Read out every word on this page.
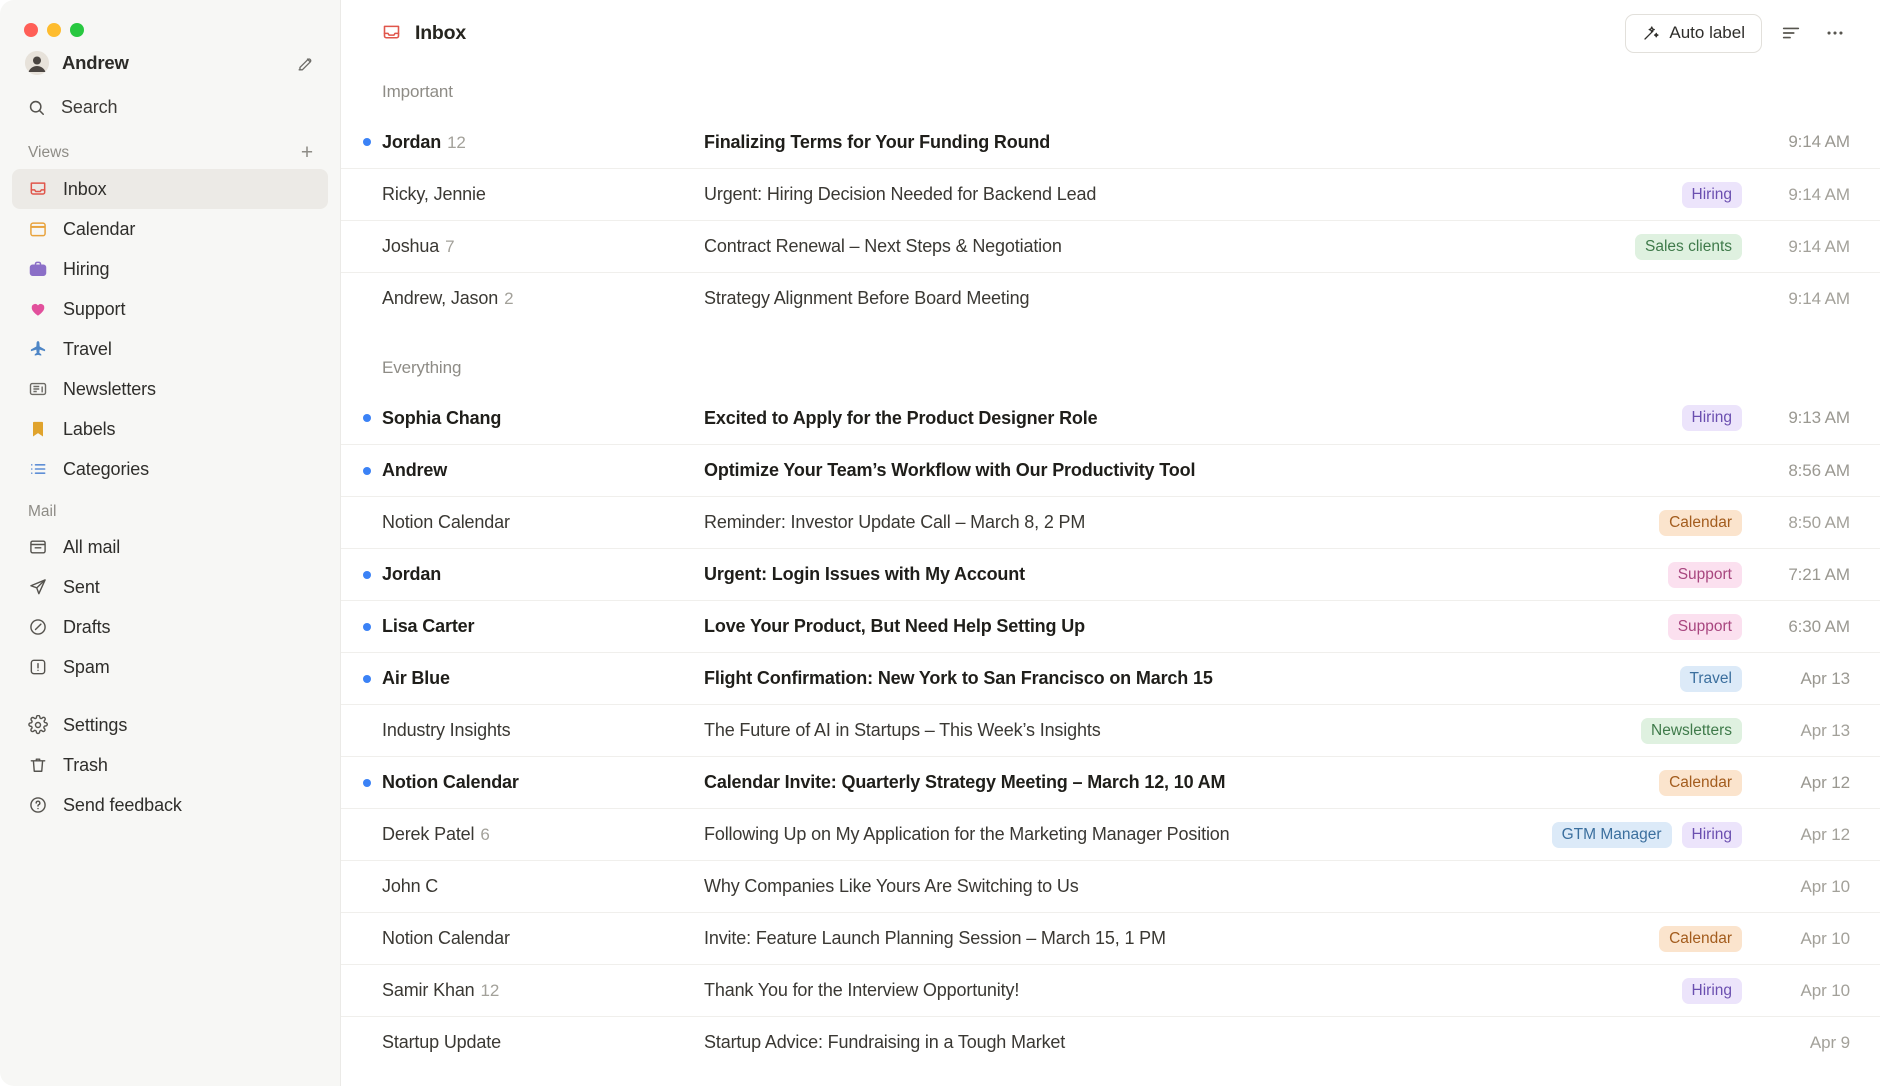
Andrew
Search
Views	+
Inbox
Calendar
Hiring
Support
Travel
Newsletters
Labels
Categories
Mail
All mail
Sent
Drafts
Spam
Settings
Trash
Send feedback
Inbox	Auto label
Important
Jordan 12	Finalizing Terms for Your Funding Round	9:14 AM
Ricky, Jennie	Urgent: Hiring Decision Needed for Backend Lead	Hiring	9:14 AM
Joshua 7	Contract Renewal – Next Steps & Negotiation	Sales clients	9:14 AM
Andrew, Jason 2	Strategy Alignment Before Board Meeting	9:14 AM
Everything
Sophia Chang	Excited to Apply for the Product Designer Role	Hiring	9:13 AM
Andrew	Optimize Your Team’s Workflow with Our Productivity Tool	8:56 AM
Notion Calendar	Reminder: Investor Update Call – March 8, 2 PM	Calendar	8:50 AM
Jordan	Urgent: Login Issues with My Account	Support	7:21 AM
Lisa Carter	Love Your Product, But Need Help Setting Up	Support	6:30 AM
Air Blue	Flight Confirmation: New York to San Francisco on March 15	Travel	Apr 13
Industry Insights	The Future of AI in Startups – This Week’s Insights	Newsletters	Apr 13
Notion Calendar	Calendar Invite: Quarterly Strategy Meeting – March 12, 10 AM	Calendar	Apr 12
Derek Patel 6	Following Up on My Application for the Marketing Manager Position	GTM Manager	Hiring	Apr 12
John C	Why Companies Like Yours Are Switching to Us	Apr 10
Notion Calendar	Invite: Feature Launch Planning Session – March 15, 1 PM	Calendar	Apr 10
Samir Khan 12	Thank You for the Interview Opportunity!	Hiring	Apr 10
Startup Update	Startup Advice: Fundraising in a Tough Market	Apr 9
